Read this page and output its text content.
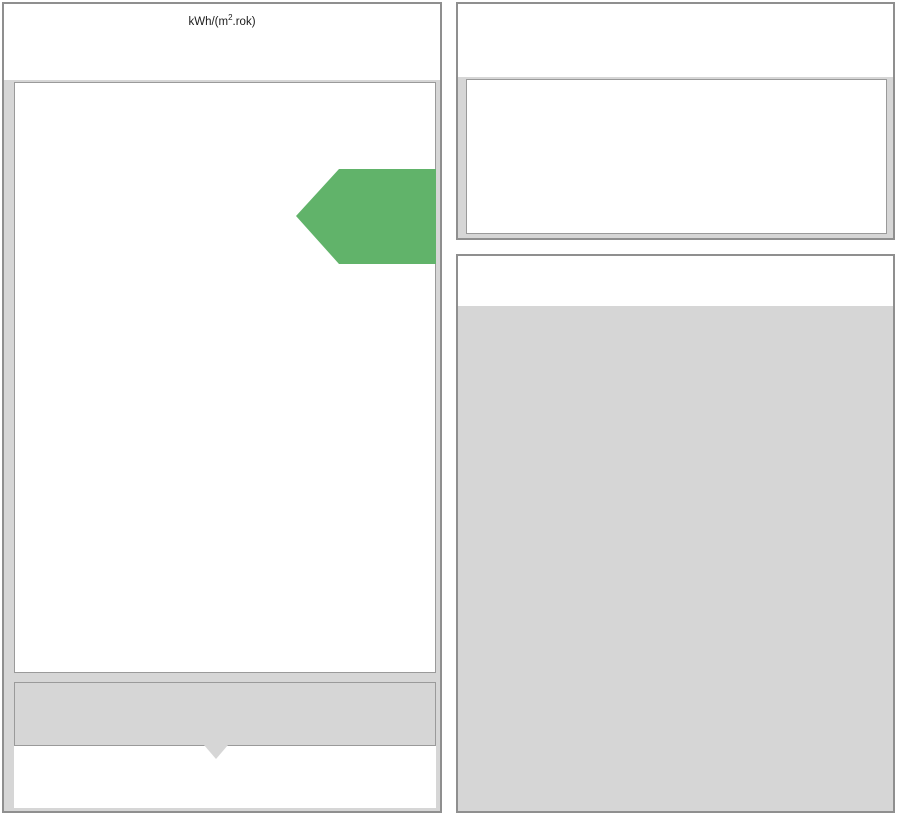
kWh/$(m^2.rok)$
